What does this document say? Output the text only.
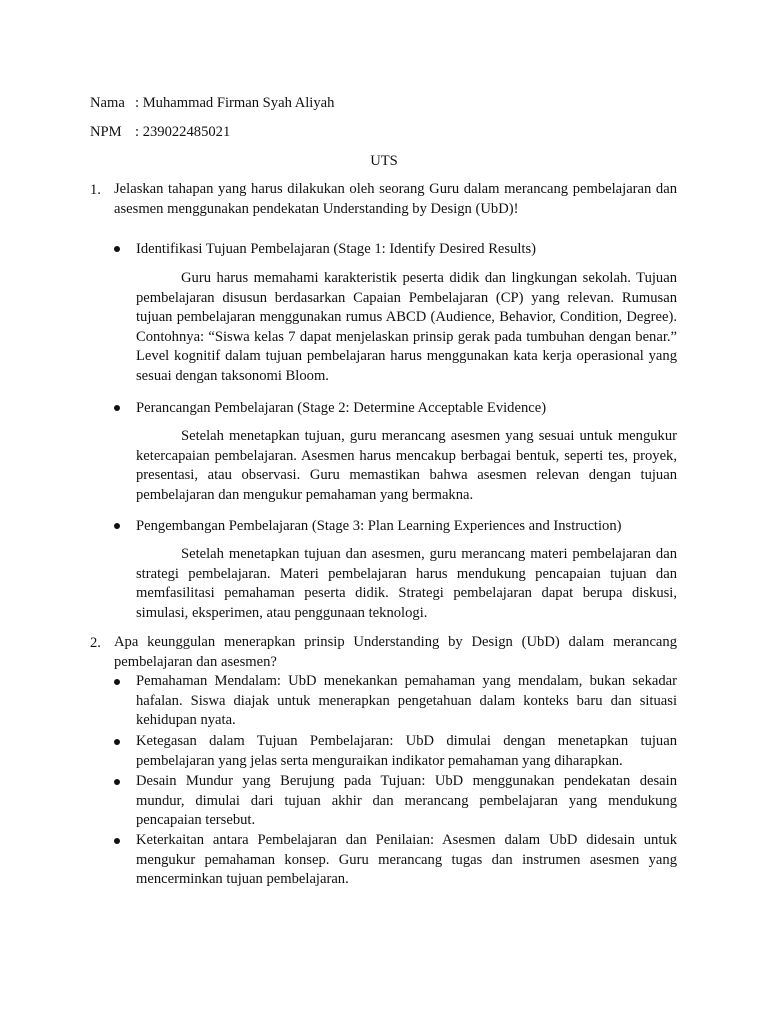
Nama : Muhammad Firman Syah Aliyah
NPM : 239022485021
UTS
1. Jelaskan tahapan yang harus dilakukan oleh seorang Guru dalam merancang pembelajaran dan asesmen menggunakan pendekatan Understanding by Design (UbD)!
Identifikasi Tujuan Pembelajaran (Stage 1: Identify Desired Results)
Guru harus memahami karakteristik peserta didik dan lingkungan sekolah. Tujuan pembelajaran disusun berdasarkan Capaian Pembelajaran (CP) yang relevan. Rumusan tujuan pembelajaran menggunakan rumus ABCD (Audience, Behavior, Condition, Degree). Contohnya: “Siswa kelas 7 dapat menjelaskan prinsip gerak pada tumbuhan dengan benar.” Level kognitif dalam tujuan pembelajaran harus menggunakan kata kerja operasional yang sesuai dengan taksonomi Bloom.
Perancangan Pembelajaran (Stage 2: Determine Acceptable Evidence)
Setelah menetapkan tujuan, guru merancang asesmen yang sesuai untuk mengukur ketercapaian pembelajaran. Asesmen harus mencakup berbagai bentuk, seperti tes, proyek, presentasi, atau observasi. Guru memastikan bahwa asesmen relevan dengan tujuan pembelajaran dan mengukur pemahaman yang bermakna.
Pengembangan Pembelajaran (Stage 3: Plan Learning Experiences and Instruction)
Setelah menetapkan tujuan dan asesmen, guru merancang materi pembelajaran dan strategi pembelajaran. Materi pembelajaran harus mendukung pencapaian tujuan dan memfasilitasi pemahaman peserta didik. Strategi pembelajaran dapat berupa diskusi, simulasi, eksperimen, atau penggunaan teknologi.
2. Apa keunggulan menerapkan prinsip Understanding by Design (UbD) dalam merancang pembelajaran dan asesmen?
Pemahaman Mendalam: UbD menekankan pemahaman yang mendalam, bukan sekadar hafalan. Siswa diajak untuk menerapkan pengetahuan dalam konteks baru dan situasi kehidupan nyata.
Ketegasan dalam Tujuan Pembelajaran: UbD dimulai dengan menetapkan tujuan pembelajaran yang jelas serta menguraikan indikator pemahaman yang diharapkan.
Desain Mundur yang Berujung pada Tujuan: UbD menggunakan pendekatan desain mundur, dimulai dari tujuan akhir dan merancang pembelajaran yang mendukung pencapaian tersebut.
Keterkaitan antara Pembelajaran dan Penilaian: Asesmen dalam UbD didesain untuk mengukur pemahaman konsep. Guru merancang tugas dan instrumen asesmen yang mencerminkan tujuan pembelajaran.
